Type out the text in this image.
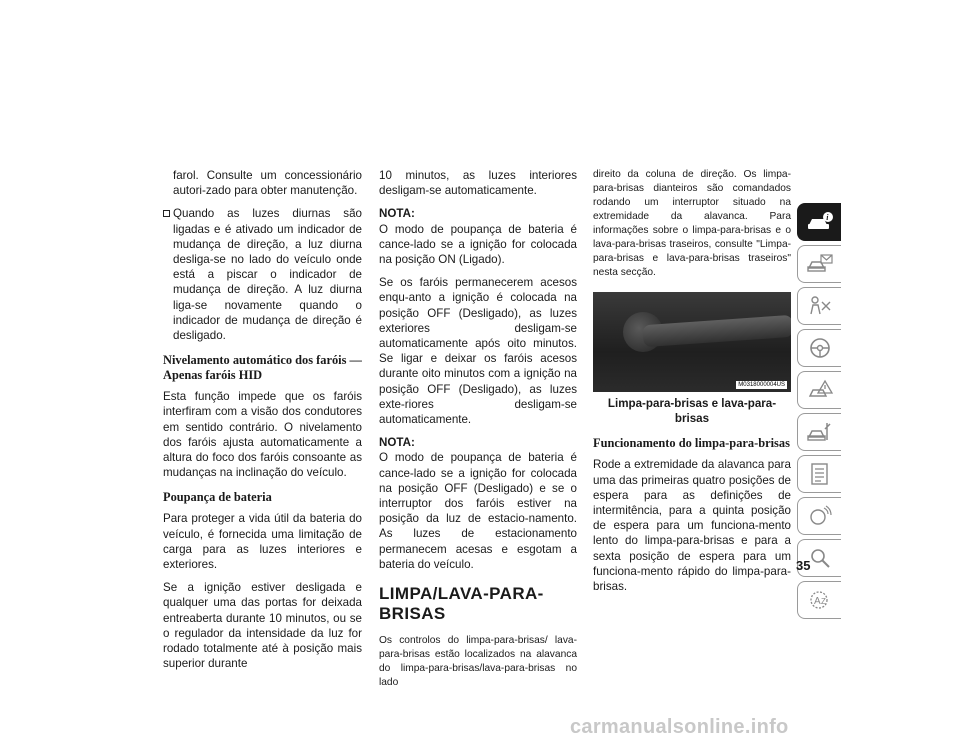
farol. Consulte um concessionário autori-zado para obter manutenção.

Quando as luzes diurnas são ligadas e é ativado um indicador de mudança de direção, a luz diurna desliga-se no lado do veículo onde está a piscar o indicador de mudança de direção. A luz diurna liga-se novamente quando o indicador de mudança de direção é desligado.
Nivelamento automático dos faróis — Apenas faróis HID

Esta função impede que os faróis interfiram com a visão dos condutores em sentido contrário. O nivelamento dos faróis ajusta automaticamente a altura do foco dos faróis consoante as mudanças na inclinação do veículo.

Poupança de bateria

Para proteger a vida útil da bateria do veículo, é fornecida uma limitação de carga para as luzes interiores e exteriores.

Se a ignição estiver desligada e qualquer uma das portas for deixada entreaberta durante 10 minutos, ou se o regulador da intensidade da luz for rodado totalmente até à posição mais superior durante

10 minutos, as luzes interiores desligam-se automaticamente.

NOTA:
O modo de poupança de bateria é cance-lado se a ignição for colocada na posição ON (Ligado).

Se os faróis permanecerem acesos enqu-anto a ignição é colocada na posição OFF (Desligado), as luzes exteriores desligam-se automaticamente após oito minutos. Se ligar e deixar os faróis acesos durante oito minutos com a ignição na posição OFF (Desligado), as luzes exte-riores desligam-se automaticamente.

NOTA:
O modo de poupança de bateria é cance-lado se a ignição for colocada na posição OFF (Desligado) e se o interruptor dos faróis estiver na posição da luz de estacio-namento. As luzes de estacionamento permanecem acesas e esgotam a bateria do veículo.

LIMPA/LAVA-PARA-BRISAS

Os controlos do limpa-para-brisas/ lava-para-brisas estão localizados na alavanca do limpa-para-brisas/lava-para-brisas no lado

direito da coluna de direção. Os limpa-para-brisas dianteiros são comandados rodando um interruptor situado na extremidade da alavanca. Para informações sobre o limpa-para-brisas e o lava-para-brisas traseiros, consulte "Limpa-para-brisas e lava-para-brisas traseiros" nesta secção.

M0318000004US
Limpa-para-brisas e lava-para-brisas
Funcionamento do limpa-para-brisas

Rode a extremidade da alavanca para uma das primeiras quatro posições de espera para as definições de intermitência, para a quinta posição de espera para um funciona-mento lento do limpa-para-brisas e para a sexta posição de espera para um funciona-mento rápido do limpa-para-brisas.

i
A Z
35
carmanualsonline.info
